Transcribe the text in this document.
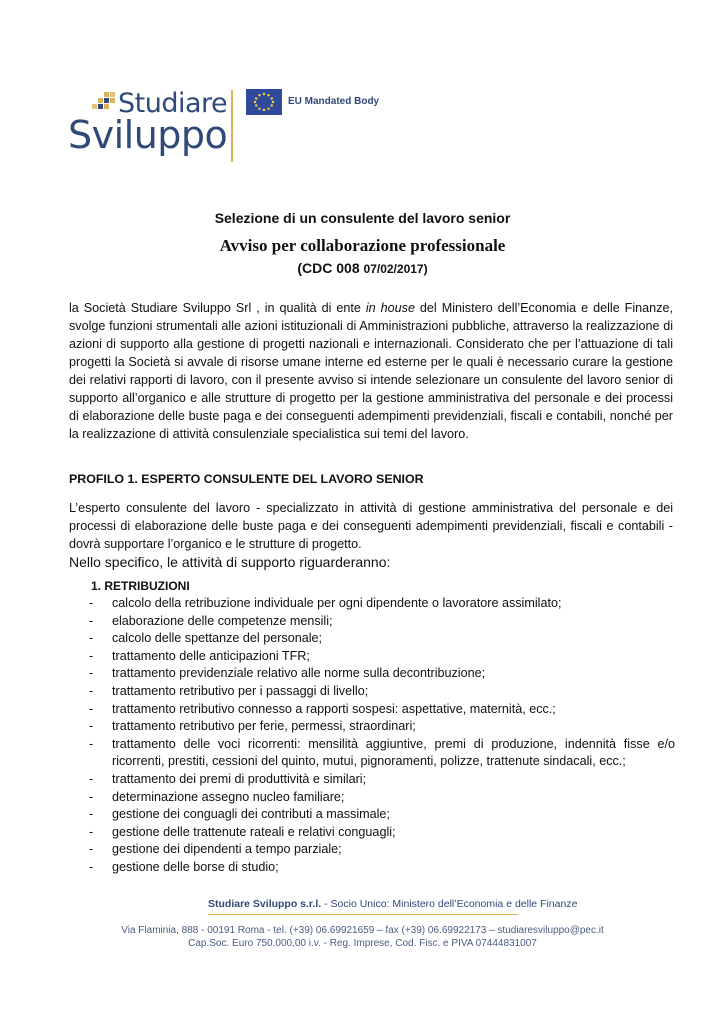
Studiare
Sviluppo
EU Mandated Body
Selezione di un consulente del lavoro senior
Avviso per collaborazione professionale
(CDC 008 07/02/2017)
la Società Studiare Sviluppo Srl , in qualità di ente in house del Ministero dell’Economia e delle Finanze, svolge funzioni strumentali alle azioni istituzionali di Amministrazioni pubbliche, attraverso la realizzazione di azioni di supporto alla gestione di progetti nazionali e internazionali. Considerato che per l’attuazione di tali progetti la Società si avvale di risorse umane interne ed esterne per le quali è necessario curare la gestione dei relativi rapporti di lavoro, con il presente avviso si intende selezionare un consulente del lavoro senior di supporto all’organico e alle strutture di progetto per la gestione amministrativa del personale e dei processi di elaborazione delle buste paga e dei conseguenti adempimenti previdenziali, fiscali e contabili, nonché per la realizzazione di attività consulenziale specialistica sui temi del lavoro.
PROFILO 1. ESPERTO CONSULENTE DEL LAVORO SENIOR
L’esperto consulente del lavoro - specializzato in attività di gestione amministrativa del personale e dei processi di elaborazione delle buste paga e dei conseguenti adempimenti previdenziali, fiscali e contabili - dovrà supportare l’organico e le strutture di progetto.
Nello specifico, le attività di supporto riguarderanno:
1. RETRIBUZIONI
- calcolo della retribuzione individuale per ogni dipendente o lavoratore assimilato;
- elaborazione delle competenze mensili;
- calcolo delle spettanze del personale;
- trattamento delle anticipazioni TFR;
- trattamento previdenziale relativo alle norme sulla decontribuzione;
- trattamento retributivo per i passaggi di livello;
- trattamento retributivo connesso a rapporti sospesi: aspettative, maternità, ecc.;
- trattamento retributivo per ferie, permessi, straordinari;
- trattamento delle voci ricorrenti: mensilità aggiuntive, premi di produzione, indennità fisse e/o ricorrenti, prestiti, cessioni del quinto, mutui, pignoramenti, polizze, trattenute sindacali, ecc.;
- trattamento dei premi di produttività e similari;
- determinazione assegno nucleo familiare;
- gestione dei conguagli dei contributi a massimale;
- gestione delle trattenute rateali e relativi conguagli;
- gestione dei dipendenti a tempo parziale;
- gestione delle borse di studio;
Studiare Sviluppo s.r.l. - Socio Unico: Ministero dell’Economia e delle Finanze
Via Flaminia, 888 - 00191 Roma - tel. (+39) 06.69921659 – fax (+39) 06.69922173 – studiaresviluppo@pec.it
Cap.Soc. Euro 750.000,00 i.v. - Reg. Imprese, Cod. Fisc. e PIVA 07444831007
